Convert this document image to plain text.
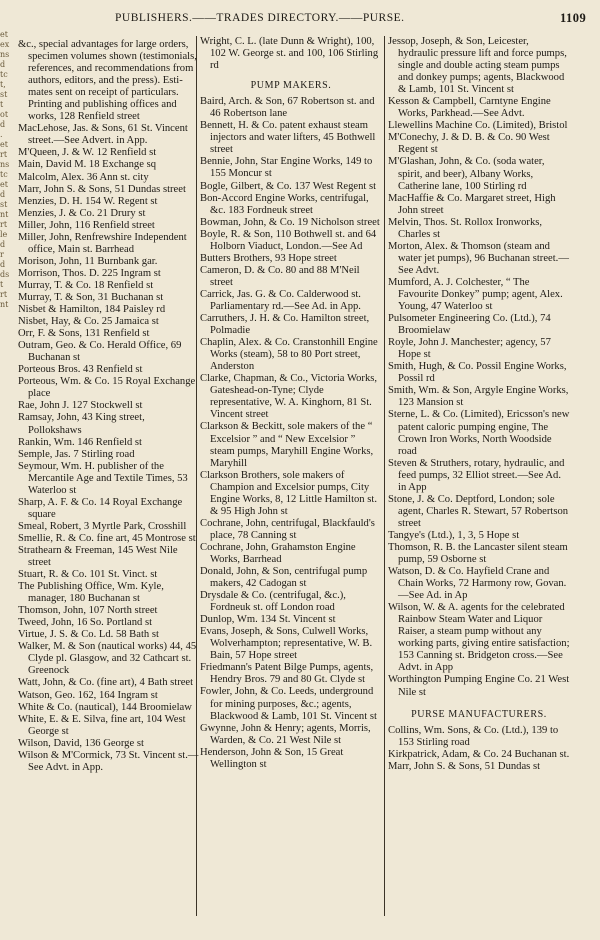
PUBLISHERS.——TRADES DIRECTORY.——PURSE.	1109
et ex ns d tc t, st t ot d . et rt ns tc et d st nt rt le d r d ds t rt nt

&c., special advantages for large orders, specimen volumes shown (testimonials, references, and recommendations from authors, editors, and the press). Estimates sent on receipt of particulars. Printing and publishing offices and works, 128 Renfield street

MacLehose, Jas. & Sons, 61 St. Vincent street.—See Advert. in App.

M'Queen, J. & W. 12 Renfield st

Main, David M. 18 Exchange sq

Malcolm, Alex. 36 Ann st. city

Marr, John S. & Sons, 51 Dundas street

Menzies, D. H. 154 W. Regent st

Menzies, J. & Co. 21 Drury st

Miller, John, 116 Renfield street

Miller, John, Renfrewshire Independent office, Main st. Barrhead

Morison, John, 11 Burnbank gar.

Morrison, Thos. D. 225 Ingram st

Murray, T. & Co. 18 Renfield st

Murray, T. & Son, 31 Buchanan st

Nisbet & Hamilton, 184 Paisley rd

Nisbet, Hay, & Co. 25 Jamaica st

Orr, F. & Sons, 131 Renfield st

Outram, Geo. & Co. Herald Office, 69 Buchanan st

Porteous Bros. 43 Renfield st

Porteous, Wm. & Co. 15 Royal Exchange place

Rae, John J. 127 Stockwell st

Ramsay, John, 43 King street, Pollokshaws

Rankin, Wm. 146 Renfield st

Semple, Jas. 7 Stirling road

Seymour, Wm. H. publisher of the Mercantile Age and Textile Times, 53 Waterloo st

Sharp, A. F. & Co. 14 Royal Exchange square

Smeal, Robert, 3 Myrtle Park, Crosshill

Smellie, R. & Co. fine art, 45 Montrose st

Strathearn & Freeman, 145 West Nile street

Stuart, R. & Co. 101 St. Vinct. st

The Publishing Office, Wm. Kyle, manager, 180 Buchanan st

Thomson, John, 107 North street

Tweed, John, 16 So. Portland st

Virtue, J. S. & Co. Ld. 58 Bath st

Walker, M. & Son (nautical works) 44, 45 Clyde pl. Glasgow, and 32 Cathcart st. Greenock

Watt, John, & Co. (fine art), 4 Bath street

Watson, Geo. 162, 164 Ingram st

White & Co. (nautical), 144 Broomielaw

White, E. & E. Silva, fine art, 104 West George st

Wilson, David, 136 George st

Wilson & M'Cormick, 73 St. Vincent st.—See Advt. in App.

Wright, C. L. (late Dunn & Wright), 100, 102 W. George st. and 100, 106 Stirling rd

PUMP MAKERS.

Baird, Arch. & Son, 67 Robertson st. and 46 Robertson lane

Bennett, H. & Co. patent exhaust steam injectors and water lifters, 45 Bothwell street

Bennie, John, Star Engine Works, 149 to 155 Moncur st

Bogle, Gilbert, & Co. 137 West Regent st

Bon-Accord Engine Works, centrifugal, &c. 183 Fordneuk street

Bowman, John, & Co. 19 Nicholson street

Boyle, R. & Son, 110 Bothwell st. and 64 Holborn Viaduct, London.—See Ad

Butters Brothers, 93 Hope street

Cameron, D. & Co. 80 and 88 M'Neil street

Carrick, Jas. G. & Co. Calderwood st. Parliamentary rd.—See Ad. in App.

Carruthers, J. H. & Co. Hamilton street, Polmadie

Chaplin, Alex. & Co. Cranstonhill Engine Works (steam), 58 to 80 Port street, Anderston

Clarke, Chapman, & Co., Victoria Works, Gateshead-on-Tyne; Clyde representative, W. A. Kinghorn, 81 St. Vincent street

Clarkson & Beckitt, sole makers of the “ Excelsior ” and “ New Excelsior ” steam pumps, Maryhill Engine Works, Maryhill

Clarkson Brothers, sole makers of Champion and Excelsior pumps, City Engine Works, 8, 12 Little Hamilton st. & 95 High John st

Cochrane, John, centrifugal, Blackfauld's place, 78 Canning st

Cochrane, John, Grahamston Engine Works, Barrhead

Donald, John, & Son, centrifugal pump makers, 42 Cadogan st

Drysdale & Co. (centrifugal, &c.), Fordneuk st. off London road

Dunlop, Wm. 134 St. Vincent st

Evans, Joseph, & Sons, Culwell Works, Wolverhampton; representative, W. B. Bain, 57 Hope street

Friedmann's Patent Bilge Pumps, agents, Hendry Bros. 79 and 80 Gt. Clyde st

Fowler, John, & Co. Leeds, underground for mining purposes, &c.; agents, Blackwood & Lamb, 101 St. Vincent st

Gwynne, John & Henry; agents, Morris, Warden, & Co. 21 West Nile st

Henderson, John & Son, 15 Great Wellington st

Jessop, Joseph, & Son, Leicester, hydraulic pressure lift and force pumps, single and double acting steam pumps and donkey pumps; agents, Blackwood & Lamb, 101 St. Vincent st

Kesson & Campbell, Carntyne Engine Works, Parkhead.—See Advt.

Llewellins Machine Co. (Limited), Bristol

M'Conechy, J. & D. B. & Co. 90 West Regent st

M'Glashan, John, & Co. (soda water, spirit, and beer), Albany Works, Catherine lane, 100 Stirling rd

MacHaffie & Co. Margaret street, High John street

Melvin, Thos. St. Rollox Ironworks, Charles st

Morton, Alex. & Thomson (steam and water jet pumps), 96 Buchanan street.—See Advt.

Mumford, A. J. Colchester, “ The Favourite Donkey” pump; agent, Alex. Young, 47 Waterloo st

Pulsometer Engineering Co. (Ltd.), 74 Broomielaw

Royle, John J. Manchester; agency, 57 Hope st

Smith, Hugh, & Co. Possil Engine Works, Possil rd

Smith, Wm. & Son, Argyle Engine Works, 123 Mansion st

Sterne, L. & Co. (Limited), Ericsson's new patent caloric pumping engine, The Crown Iron Works, North Woodside road

Steven & Struthers, rotary, hydraulic, and feed pumps, 32 Elliot street.—See Ad. in App

Stone, J. & Co. Deptford, London; sole agent, Charles R. Stewart, 57 Robertson street

Tangye's (Ltd.), 1, 3, 5 Hope st

Thomson, R. B. the Lancaster silent steam pump, 59 Osborne st

Watson, D. & Co. Hayfield Crane and Chain Works, 72 Harmony row, Govan.—See Ad. in Ap

Wilson, W. & A. agents for the celebrated Rainbow Steam Water and Liquor Raiser, a steam pump without any working parts, giving entire satisfaction; 153 Canning st. Bridgeton cross.—See Advt. in App

Worthington Pumping Engine Co. 21 West Nile st

PURSE MANUFACTURERS.

Collins, Wm. Sons, & Co. (Ltd.), 139 to 153 Stirling road

Kirkpatrick, Adam, & Co. 24 Buchanan st.

Marr, John S. & Sons, 51 Dundas st
